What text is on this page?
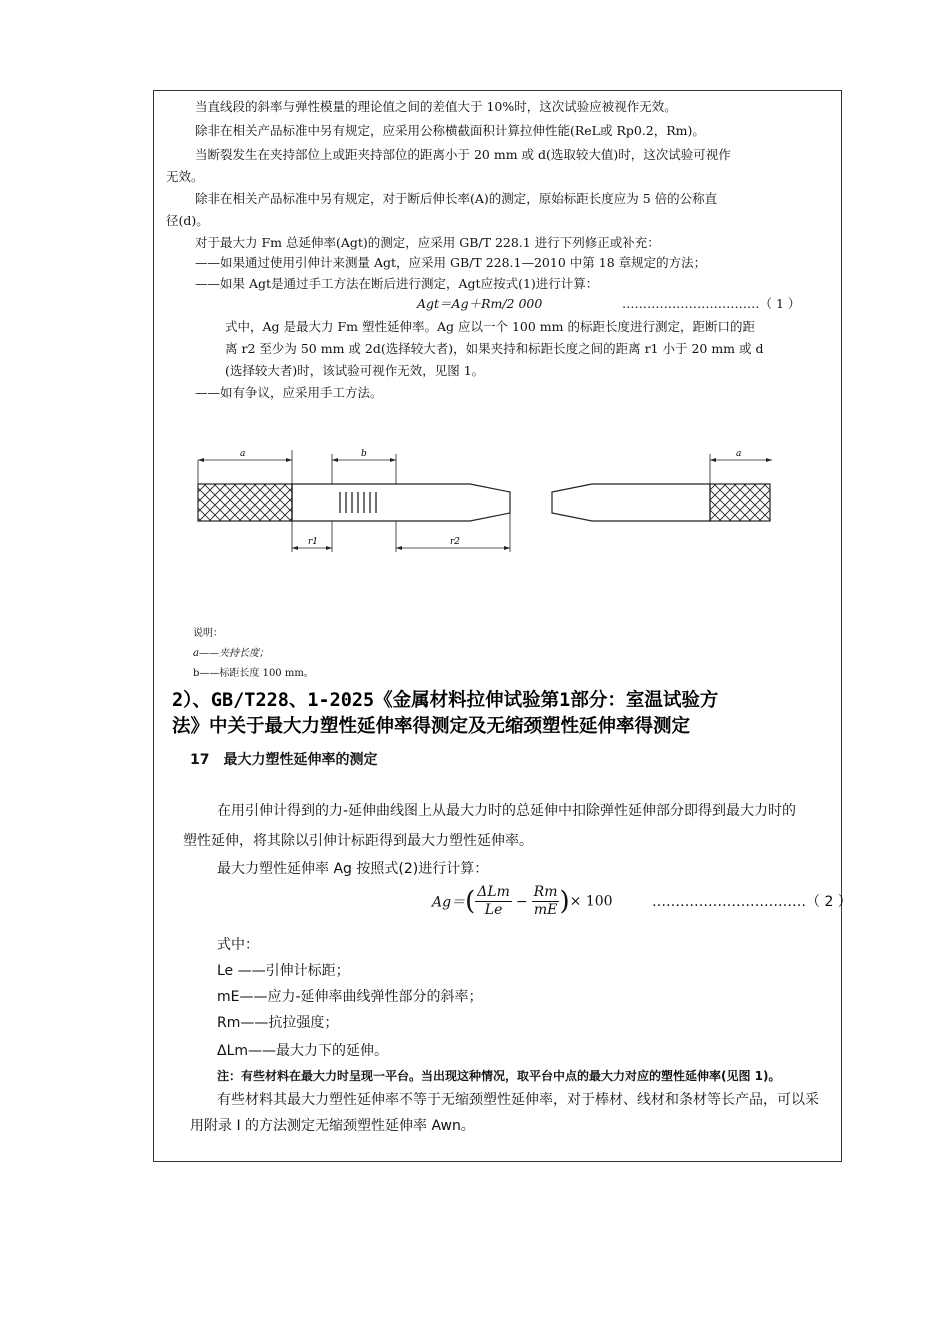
当直线段的斜率与弹性模量的理论值之间的差值大于 10%时，这次试验应被视作无效。
除非在相关产品标准中另有规定，应采用公称横截面积计算拉伸性能(ReL或 Rp0.2，Rm)。
当断裂发生在夹持部位上或距夹持部位的距离小于 20 mm 或 d(选取较大值)时，这次试验可视作
无效。
除非在相关产品标准中另有规定，对于断后伸长率(A)的测定，原始标距长度应为 5 倍的公称直
径(d)。
对于最大力 Fm 总延伸率(Agt)的测定，应采用 GB/T 228.1 进行下列修正或补充：
——如果通过使用引伸计来测量 Agt，应采用 GB/T 228.1—2010 中第 18 章规定的方法；
——如果 Agt是通过手工方法在断后进行测定，Agt应按式(1)进行计算：
Agt＝Ag＋Rm/2 000	……………………………（ 1 ）
式中，Ag 是最大力 Fm 塑性延伸率。Ag 应以一个 100 mm 的标距长度进行测定，距断口的距
离 r2 至少为 50 mm 或 2d(选择较大者)，如果夹持和标距长度之间的距离 r1 小于 20 mm 或 d
(选择较大者)时，该试验可视作无效，见图 1。
——如有争议，应采用手工方法。
a	b	a
r1	r2
说明：
a——夹持长度；
b——标距长度 100 mm。
2）、GB/T228、1-2025《金属材料拉伸试验第1部分：室温试验方
法》中关于最大力塑性延伸率得测定及无缩颈塑性延伸率得测定
17　最大力塑性延伸率的测定
在用引伸计得到的力-延伸曲线图上从最大力时的总延伸中扣除弹性延伸部分即得到最大力时的
塑性延伸，将其除以引伸计标距得到最大力塑性延伸率。
最大力塑性延伸率 Ag 按照式(2)进行计算：
$Ag=( \frac{\text{ΔLm}}{Le} - \frac{Rm}{mE}$ )× 100	……………………………（ 2 ）
式中：
Le ——引伸计标距；
mE——应力-延伸率曲线弹性部分的斜率；
Rm——抗拉强度；
ΔLm——最大力下的延伸。
注：有些材料在最大力时呈现一平台。当出现这种情况，取平台中点的最大力对应的塑性延伸率(见图 1)。
有些材料其最大力塑性延伸率不等于无缩颈塑性延伸率，对于棒材、线材和条材等长产品，可以采
用附录 I 的方法测定无缩颈塑性延伸率 Awn。
